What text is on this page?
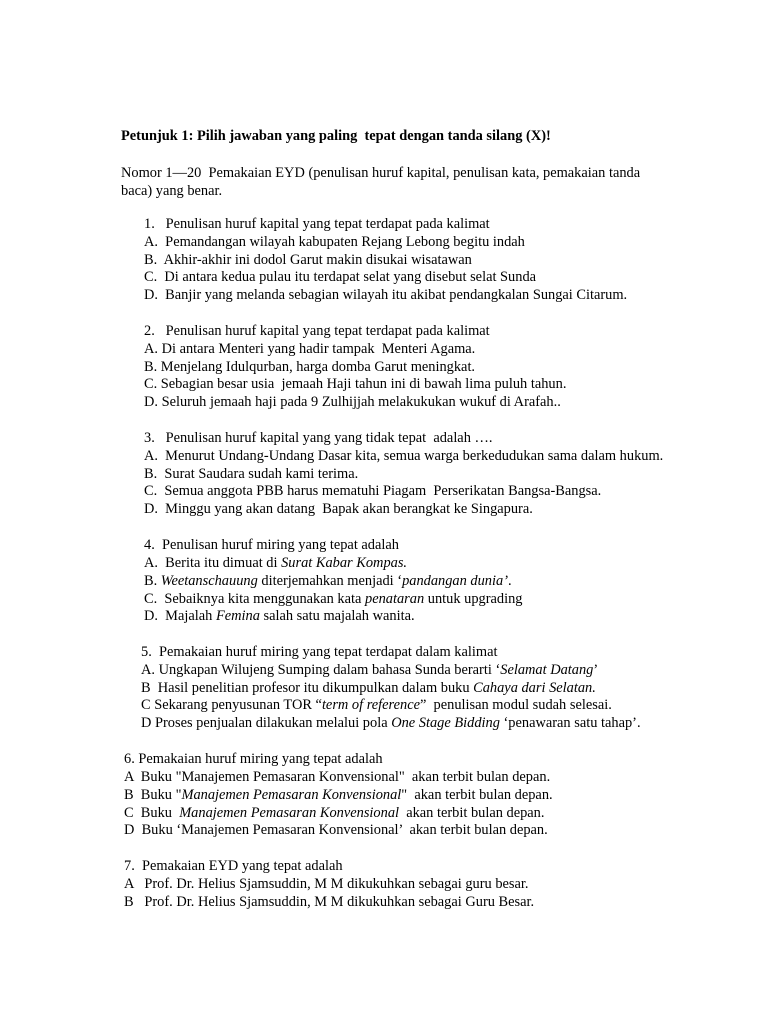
Petunjuk 1: Pilih jawaban yang paling  tepat dengan tanda silang (X)!
Nomor 1—20  Pemakaian EYD (penulisan huruf kapital, penulisan kata, pemakaian tanda
baca) yang benar.
1.   Penulisan huruf kapital yang tepat terdapat pada kalimat
A.  Pemandangan wilayah kabupaten Rejang Lebong begitu indah
B.  Akhir-akhir ini dodol Garut makin disukai wisatawan
C.  Di antara kedua pulau itu terdapat selat yang disebut selat Sunda
D.  Banjir yang melanda sebagian wilayah itu akibat pendangkalan Sungai Citarum.
2.   Penulisan huruf kapital yang tepat terdapat pada kalimat
A. Di antara Menteri yang hadir tampak  Menteri Agama.
B. Menjelang Idulqurban, harga domba Garut meningkat.
C. Sebagian besar usia  jemaah Haji tahun ini di bawah lima puluh tahun.
D. Seluruh jemaah haji pada 9 Zulhijjah melakukukan wukuf di Arafah..
3.   Penulisan huruf kapital yang yang tidak tepat  adalah ….
A.  Menurut Undang-Undang Dasar kita, semua warga berkedudukan sama dalam hukum.
B.  Surat Saudara sudah kami terima.
C.  Semua anggota PBB harus mematuhi Piagam  Perserikatan Bangsa-Bangsa.
D.  Minggu yang akan datang  Bapak akan berangkat ke Singapura.
4.  Penulisan huruf miring yang tepat adalah
A.  Berita itu dimuat di Surat Kabar Kompas.
B. Weetanschauung diterjemahkan menjadi ‘pandangan dunia’.
C.  Sebaiknya kita menggunakan kata penataran untuk upgrading
D.  Majalah Femina salah satu majalah wanita.
5.  Pemakaian huruf miring yang tepat terdapat dalam kalimat
A. Ungkapan Wilujeng Sumping dalam bahasa Sunda berarti ‘Selamat Datang’
B  Hasil penelitian profesor itu dikumpulkan dalam buku Cahaya dari Selatan.
C Sekarang penyusunan TOR “term of reference”  penulisan modul sudah selesai.
D Proses penjualan dilakukan melalui pola One Stage Bidding ‘penawaran satu tahap’.
6. Pemakaian huruf miring yang tepat adalah
A  Buku "Manajemen Pemasaran Konvensional"  akan terbit bulan depan.
B  Buku "Manajemen Pemasaran Konvensional"  akan terbit bulan depan.
C  Buku  Manajemen Pemasaran Konvensional  akan terbit bulan depan.
D  Buku ‘Manajemen Pemasaran Konvensional’  akan terbit bulan depan.
7.  Pemakaian EYD yang tepat adalah
A   Prof. Dr. Helius Sjamsuddin, M M dikukuhkan sebagai guru besar.
B   Prof. Dr. Helius Sjamsuddin, M M dikukuhkan sebagai Guru Besar.
